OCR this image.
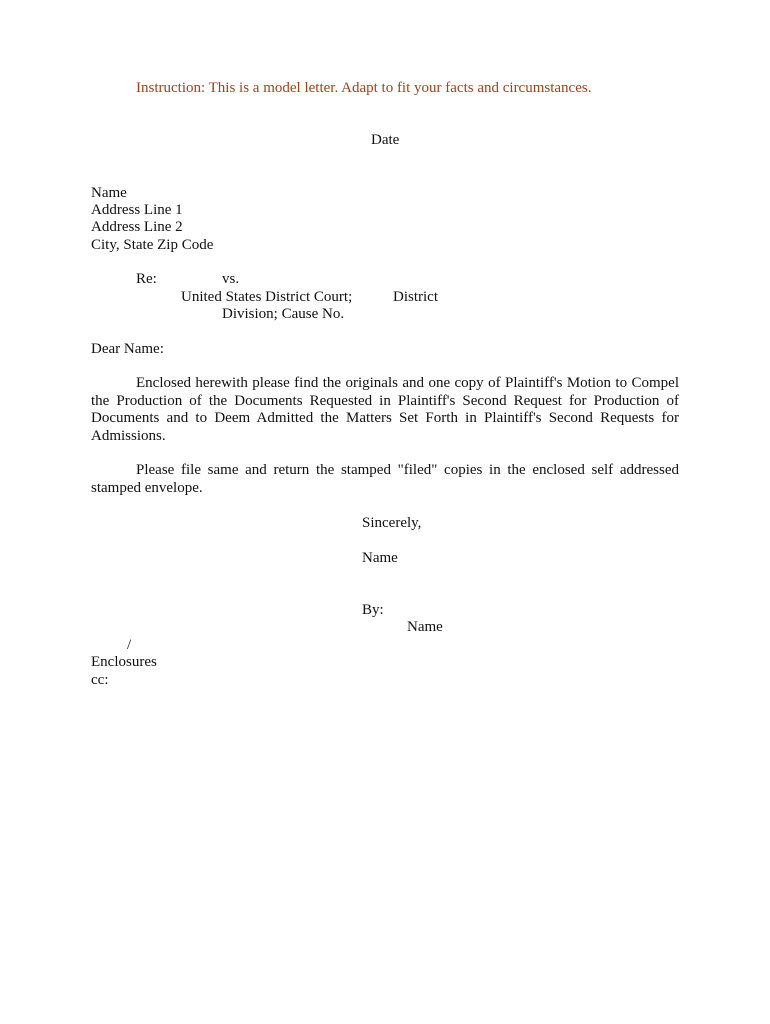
Instruction: This is a model letter. Adapt to fit your facts and circumstances.
Date
Name
Address Line 1
Address Line 2
City, State Zip Code
Re:	vs.
United States District Court;	District
Division; Cause No.
Dear Name:
Enclosed herewith please find the originals and one copy of Plaintiff's Motion to Compel the Production of the Documents Requested in Plaintiff's Second Request for Production of Documents and to Deem Admitted the Matters Set Forth in Plaintiff's Second Requests for Admissions.
Please file same and return the stamped "filed" copies in the enclosed self addressed stamped envelope.
Sincerely,
Name
By:
Name
/
Enclosures
cc:
